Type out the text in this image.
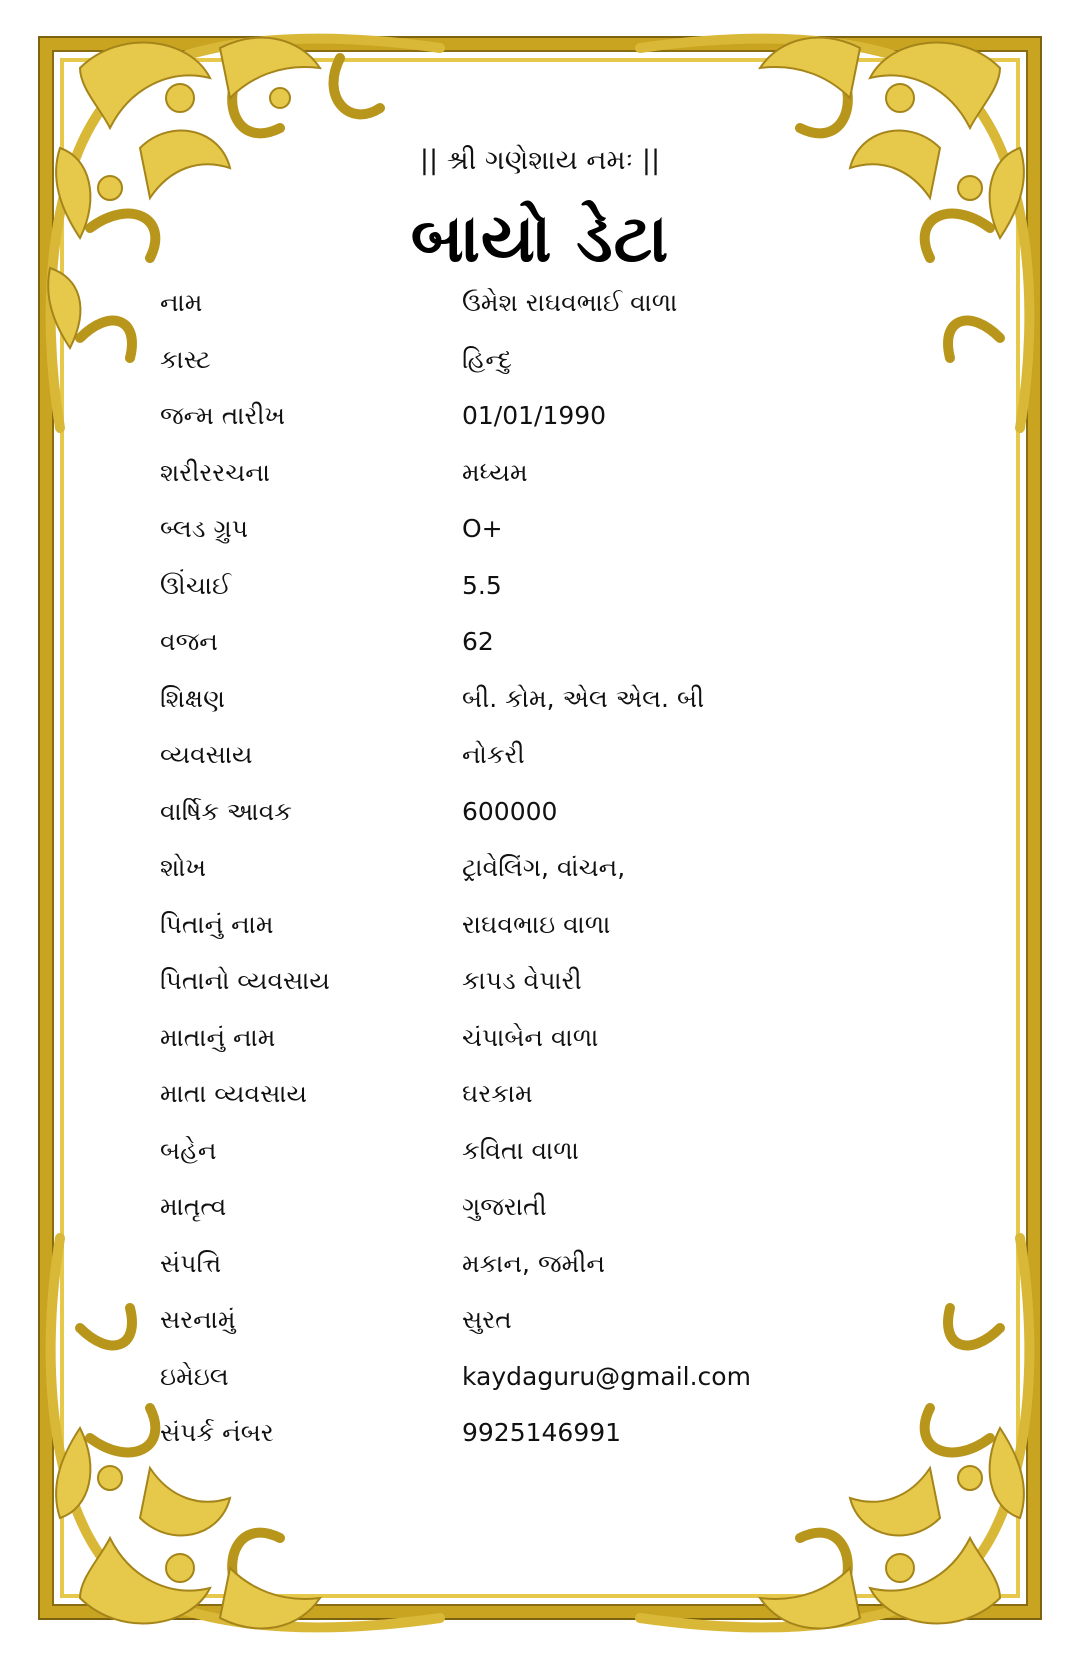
|| શ્રી ગણેશાય નમઃ ||
બાયો ડેટા
નામ	ઉમેશ રાઘવભાઈ વાળા
કાસ્ટ	હિન્દુ
જન્મ તારીખ	01/01/1990
શરીરરચના	મધ્યમ
બ્લડ ગ્રુપ	O+
ઊંચાઈ	5.5
વજન	62
શિક્ષણ	બી. કોમ, એલ એલ. બી
વ્યવસાય	નોકરી
વાર્ષિક આવક	600000
શોખ	ટ્રાવેલિંગ, વાંચન,
પિતાનું નામ	રાઘવભાઇ વાળા
પિતાનો વ્યવસાય	કાપડ વેપારી
માતાનું નામ	ચંપાબેન વાળા
માતા વ્યવસાય	ઘરકામ
બહેન	કવિતા વાળા
માતૃત્વ	ગુજરાતી
સંપત્તિ	મકાન, જમીન
સરનામું	સુરત
ઇમેઇલ	kaydaguru@gmail.com
સંપર્ક નંબર	9925146991
